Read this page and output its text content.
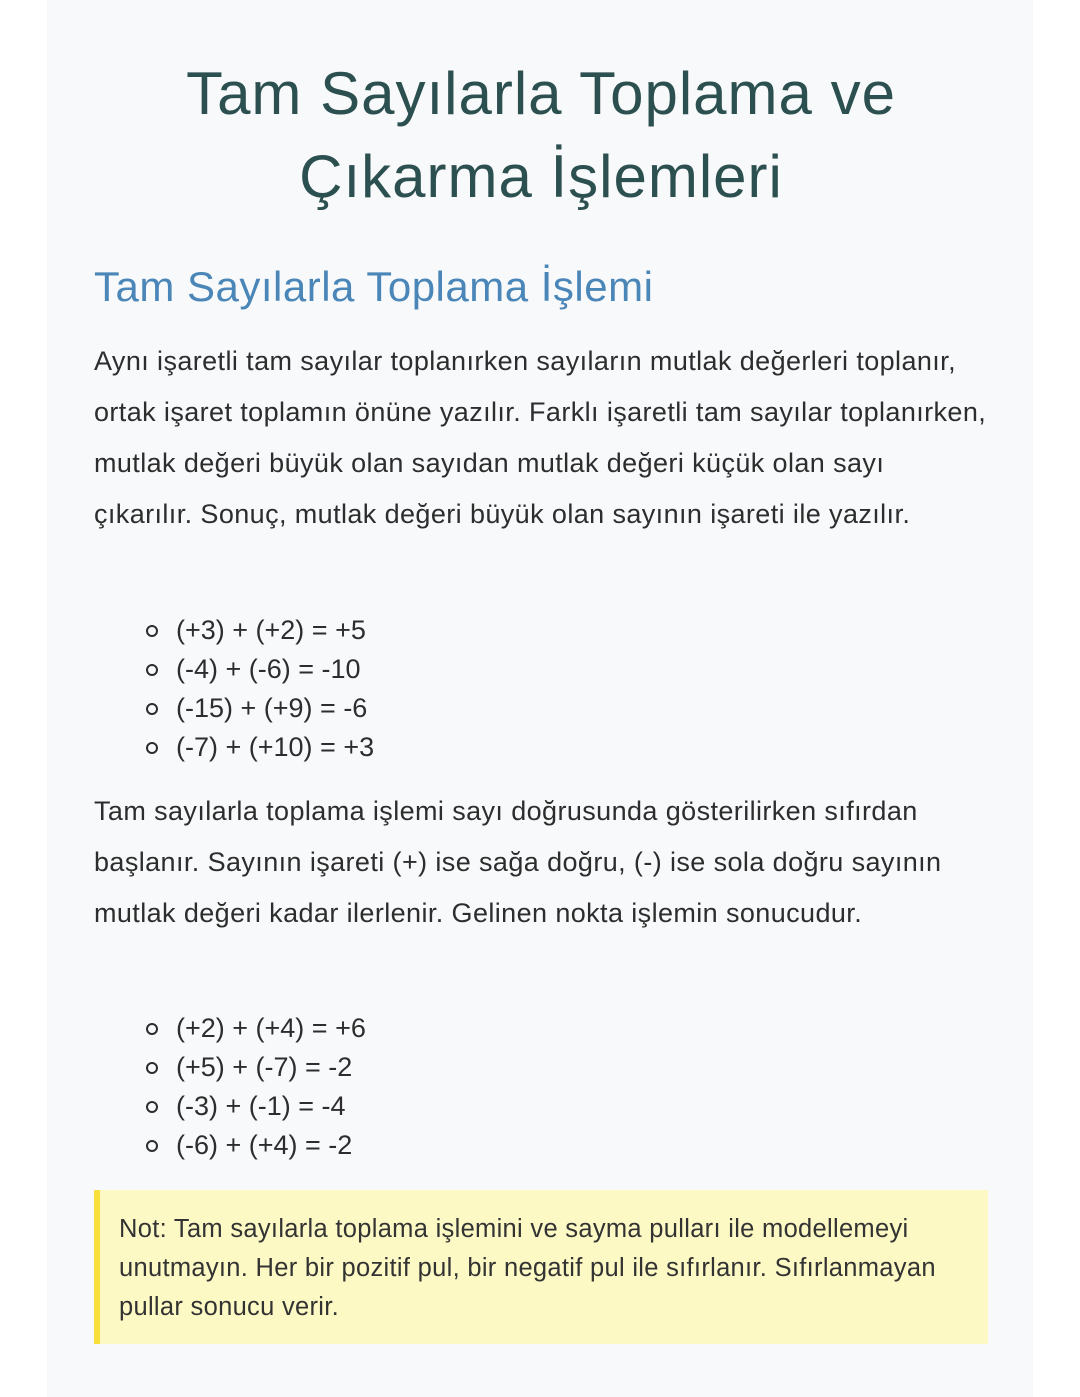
Tam Sayılarla Toplama ve Çıkarma İşlemleri
Tam Sayılarla Toplama İşlemi

Aynı işaretli tam sayılar toplanırken sayıların mutlak değerleri toplanır, ortak işaret toplamın önüne yazılır. Farklı işaretli tam sayılar toplanırken, mutlak değeri büyük olan sayıdan mutlak değeri küçük olan sayı çıkarılır. Sonuç, mutlak değeri büyük olan sayının işareti ile yazılır.

(+3) + (+2) = +5
(-4) + (-6) = -10
(-15) + (+9) = -6
(-7) + (+10) = +3

Tam sayılarla toplama işlemi sayı doğrusunda gösterilirken sıfırdan başlanır. Sayının işareti (+) ise sağa doğru, (-) ise sola doğru sayının mutlak değeri kadar ilerlenir. Gelinen nokta işlemin sonucudur.

(+2) + (+4) = +6
(+5) + (-7) = -2
(-3) + (-1) = -4
(-6) + (+4) = -2
Not: Tam sayılarla toplama işlemini ve sayma pulları ile modellemeyi unutmayın. Her bir pozitif pul, bir negatif pul ile sıfırlanır. Sıfırlanmayan pullar sonucu verir.
